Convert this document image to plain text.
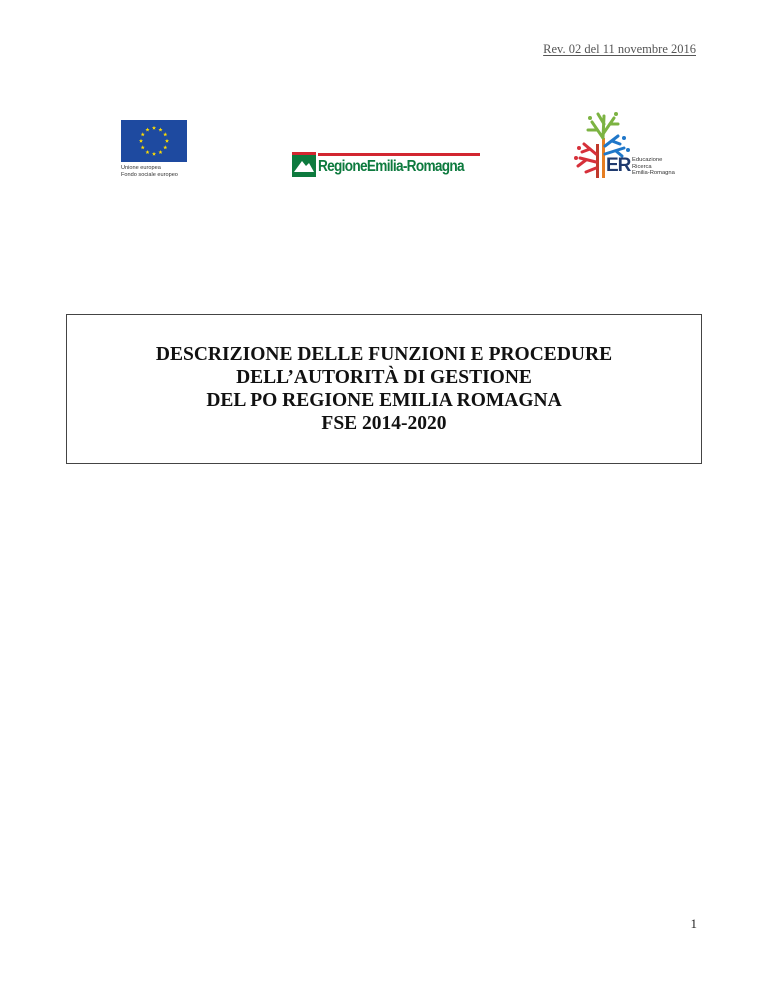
Rev. 02 del 11 novembre 2016
Unione europea
Fondo sociale europeo	RegioneEmilia-Romagna	ER Educazione
Ricerca
Emilia-Romagna
DESCRIZIONE DELLE FUNZIONI E PROCEDURE
DELL’AUTORITÀ DI GESTIONE
DEL PO REGIONE EMILIA ROMAGNA
FSE 2014-2020
1
